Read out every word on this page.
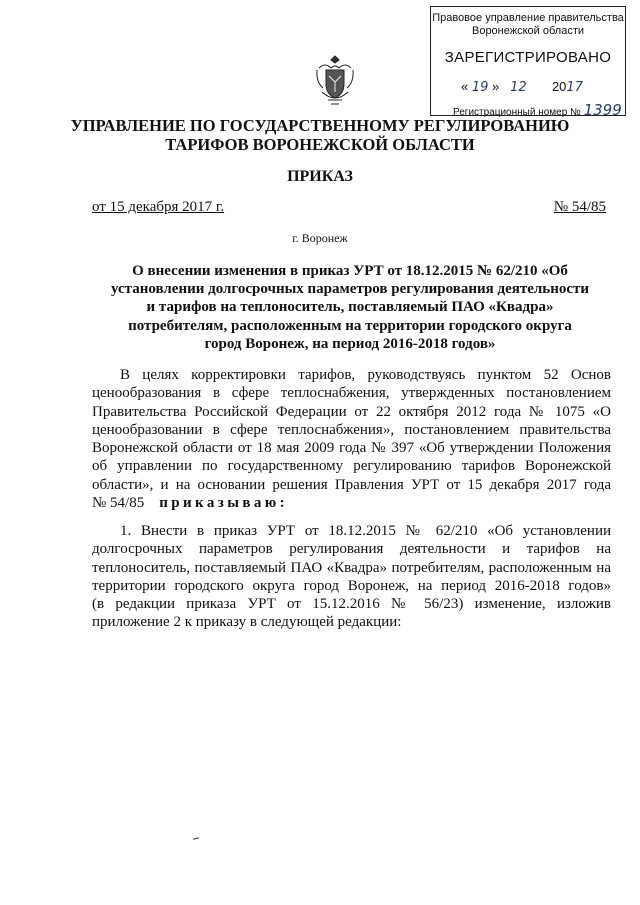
Правовое управление правительства
Воронежской области
ЗАРЕГИСТРИРОВАНО
« 19 » 12 2017
Регистрационный номер № 1399
УПРАВЛЕНИЕ ПО ГОСУДАРСТВЕННОМУ РЕГУЛИРОВАНИЮ
ТАРИФОВ ВОРОНЕЖСКОЙ ОБЛАСТИ
ПРИКАЗ
от 15 декабря 2017 г.	№ 54/85
г. Воронеж
О внесении изменения в приказ УРТ от 18.12.2015 № 62/210 «Об
установлении долгосрочных параметров регулирования деятельности
и тарифов на теплоноситель, поставляемый ПАО «Квадра»
потребителям, расположенным на территории городского округа
город Воронеж, на период 2016-2018 годов»
В целях корректировки тарифов, руководствуясь пунктом 52 Основ
ценообразования в сфере теплоснабжения, утвержденных постановлением
Правительства Российской Федерации от 22 октября 2012 года № 1075 «О
ценообразовании в сфере теплоснабжения», постановлением правительства
Воронежской области от 18 мая 2009 года № 397 «Об утверждении Положения
об управлении по государственному регулированию тарифов Воронежской
области», и на основании решения Правления УРТ от 15 декабря 2017 года
№ 54/85 приказываю:
1. Внести в приказ УРТ от 18.12.2015 № 62/210 «Об установлении
долгосрочных параметров регулирования деятельности и тарифов на
теплоноситель, поставляемый ПАО «Квадра» потребителям, расположенным на
территории городского округа город Воронеж, на период 2016-2018 годов»
(в редакции приказа УРТ от 15.12.2016 № 56/23) изменение, изложив
приложение 2 к приказу в следующей редакции:
